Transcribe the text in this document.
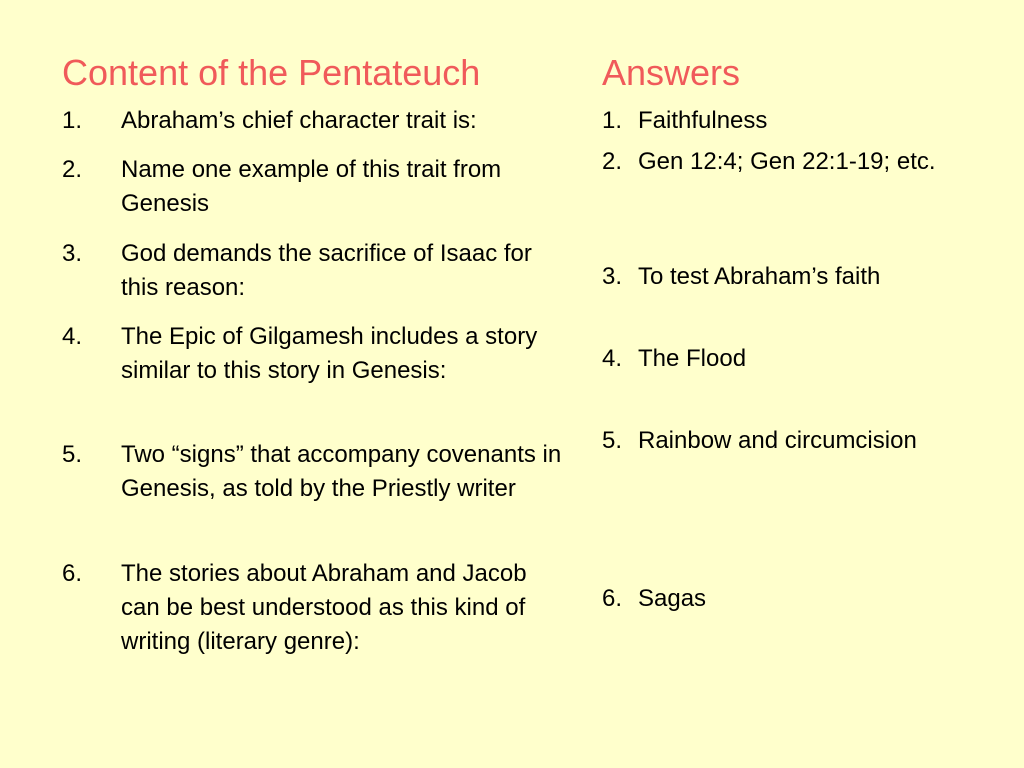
Content of the Pentateuch	Answers
1. Abraham’s chief character trait is:
2. Name one example of this trait from Genesis
3. God demands the sacrifice of Isaac for this reason:
4. The Epic of Gilgamesh includes a story similar to this story in Genesis:
5. Two “signs” that accompany covenants in Genesis, as told by the Priestly writer
6. The stories about Abraham and Jacob can be best understood as this kind of writing (literary genre):
1. Faithfulness
2. Gen 12:4; Gen 22:1-19; etc.
3. To test Abraham’s faith
4. The Flood
5. Rainbow and circumcision
6. Sagas
